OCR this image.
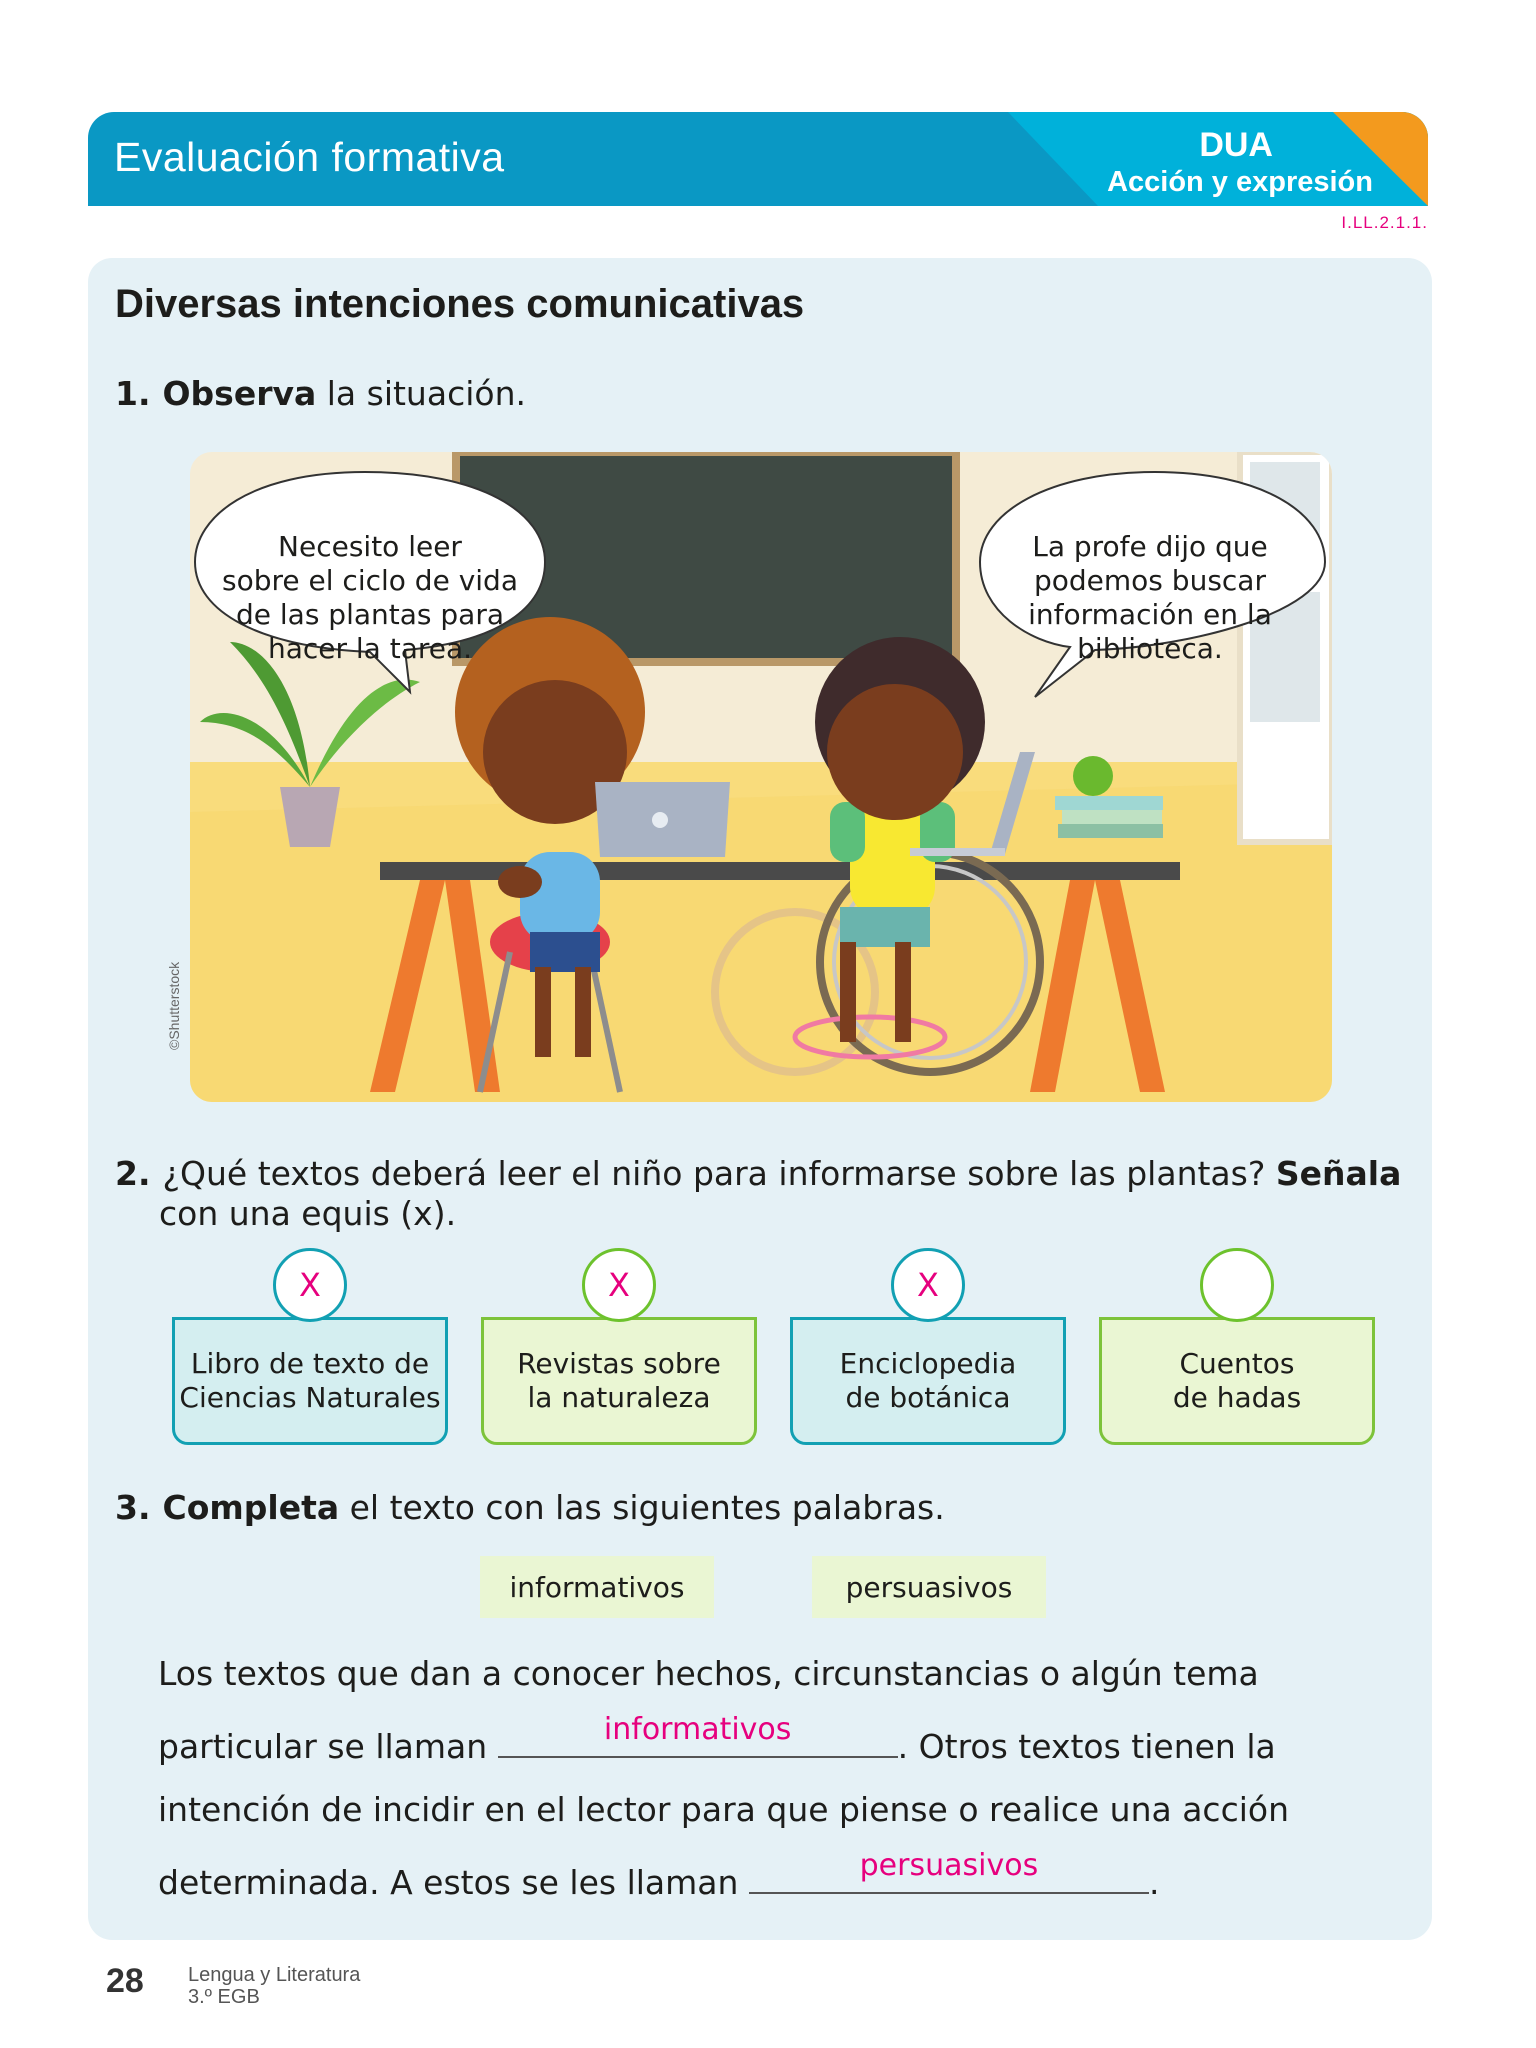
Evaluación formativa	DUA
Acción y expresión
I.LL.2.1.1.
Diversas intenciones comunicativas
1. Observa la situación.
Necesito leer
sobre el ciclo de vida
de las plantas para
hacer la tarea.
La profe dijo que
podemos buscar
información en la
biblioteca.
©Shutterstock
2. ¿Qué textos deberá leer el niño para informarse sobre las plantas? Señala
con una equis (x).
Libro de texto de
Ciencias Naturales
X
Revistas sobre
la naturaleza
X
Enciclopedia
de botánica
X
Cuentos
de hadas
3. Completa el texto con las siguientes palabras.
informativos	persuasivos
Los textos que dan a conocer hechos, circunstancias o algún tema
particular se llaman	informativos	. Otros textos tienen la
intención de incidir en el lector para que piense o realice una acción
determinada. A estos se les llaman	persuasivos	.
28 Lengua y Literatura
3.º EGB
